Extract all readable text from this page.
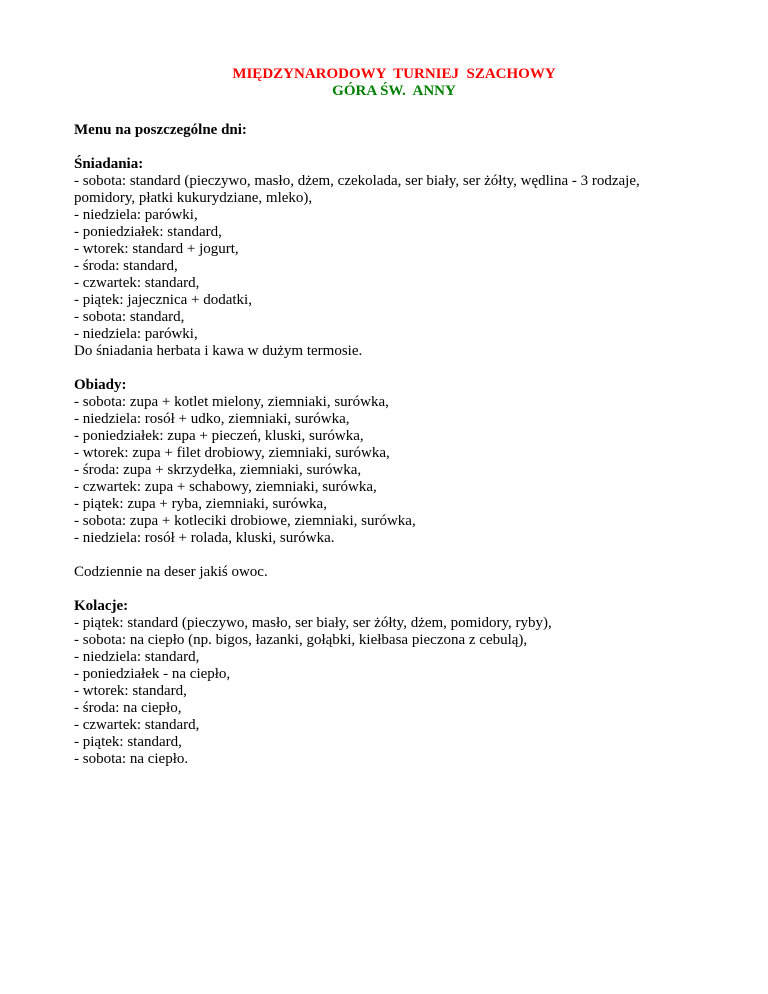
MIĘDZYNARODOWY  TURNIEJ  SZACHOWY
GÓRA ŚW.  ANNY
Menu na poszczególne dni:
Śniadania:
- sobota: standard (pieczywo, masło, dżem, czekolada, ser biały, ser żółty, wędlina - 3 rodzaje,
pomidory, płatki kukurydziane, mleko),
- niedziela: parówki,
- poniedziałek: standard,
- wtorek: standard + jogurt,
- środa: standard,
- czwartek: standard,
- piątek: jajecznica + dodatki,
- sobota: standard,
- niedziela: parówki,
Do śniadania herbata i kawa w dużym termosie.
Obiady:
- sobota: zupa + kotlet mielony, ziemniaki, surówka,
- niedziela: rosół + udko, ziemniaki, surówka,
- poniedziałek: zupa + pieczeń, kluski, surówka,
- wtorek: zupa + filet drobiowy, ziemniaki, surówka,
- środa: zupa + skrzydełka, ziemniaki, surówka,
- czwartek: zupa + schabowy, ziemniaki, surówka,
- piątek: zupa + ryba, ziemniaki, surówka,
- sobota: zupa + kotleciki drobiowe, ziemniaki, surówka,
- niedziela: rosół + rolada, kluski, surówka.
Codziennie na deser jakiś owoc.
Kolacje:
- piątek: standard (pieczywo, masło, ser biały, ser żółty, dżem, pomidory, ryby),
- sobota: na ciepło (np. bigos, łazanki, gołąbki, kiełbasa pieczona z cebulą),
- niedziela: standard,
- poniedziałek - na ciepło,
- wtorek: standard,
- środa: na ciepło,
- czwartek: standard,
- piątek: standard,
- sobota: na ciepło.
